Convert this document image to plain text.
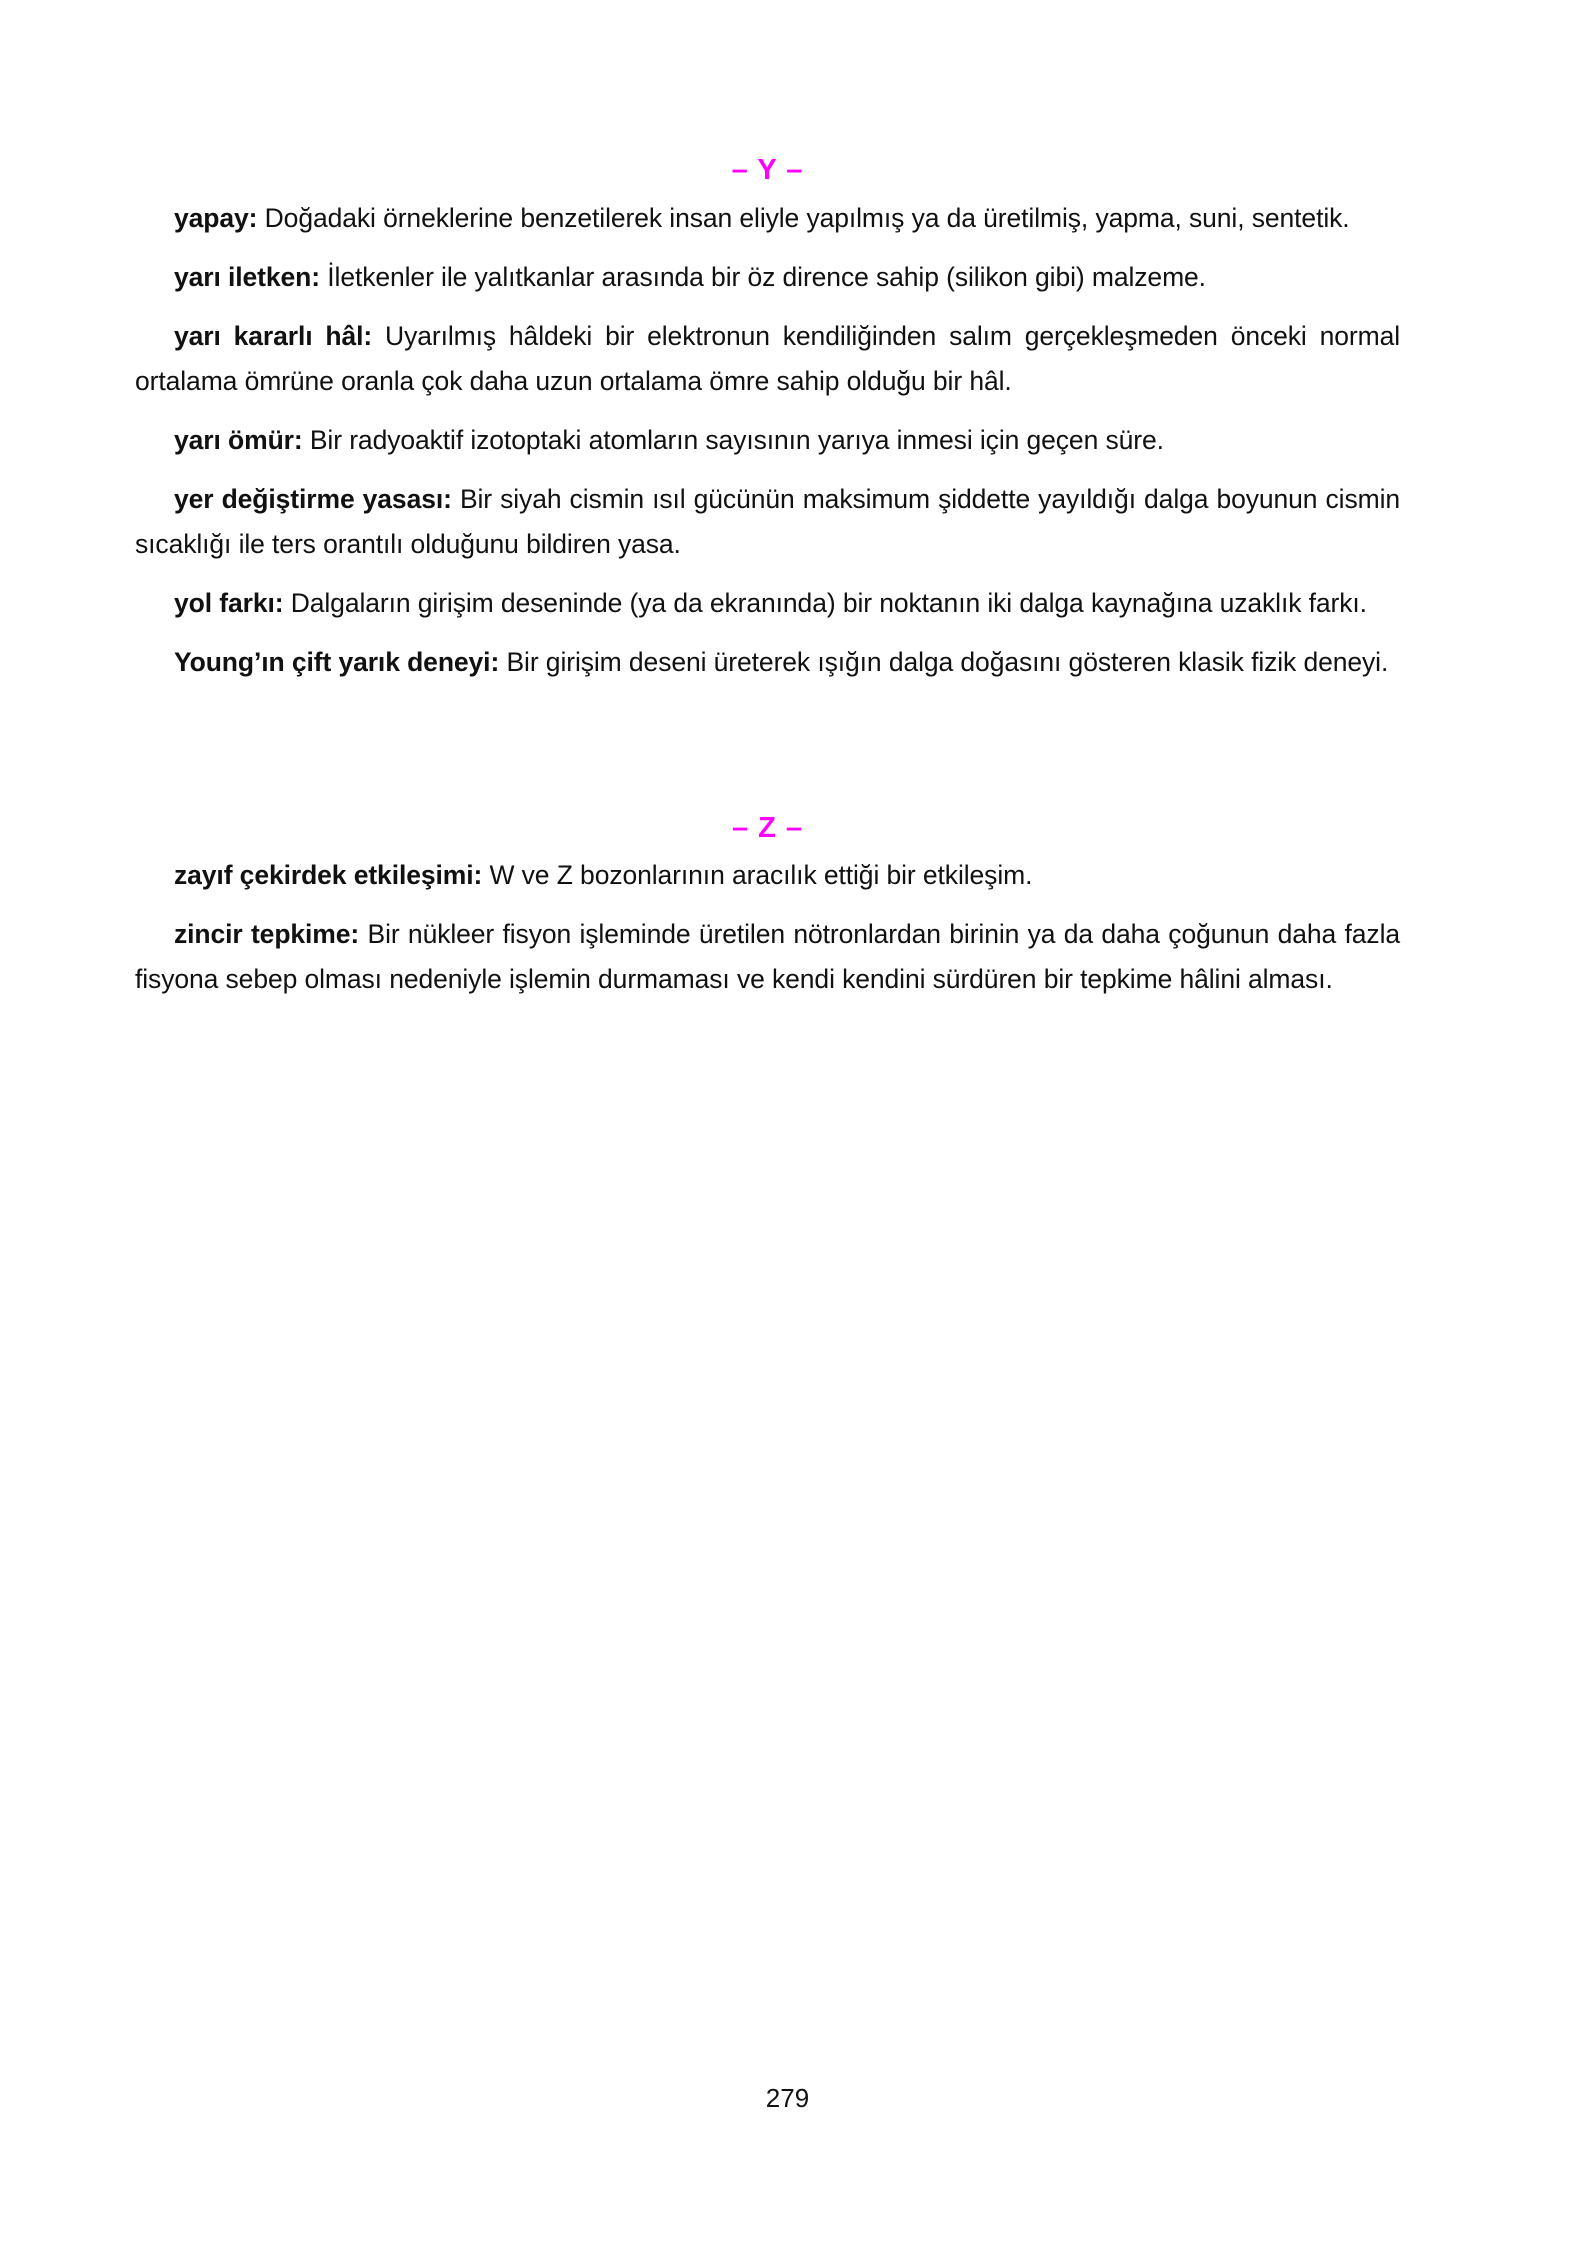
– Y –

yapay: Doğadaki örneklerine benzetilerek insan eliyle yapılmış ya da üretilmiş, yapma, suni, sentetik.

yarı iletken: İletkenler ile yalıtkanlar arasında bir öz dirence sahip (silikon gibi) malzeme.

yarı kararlı hâl: Uyarılmış hâldeki bir elektronun kendiliğinden salım gerçekleşmeden önceki normal ortalama ömrüne oranla çok daha uzun ortalama ömre sahip olduğu bir hâl.

yarı ömür: Bir radyoaktif izotoptaki atomların sayısının yarıya inmesi için geçen süre.

yer değiştirme yasası: Bir siyah cismin ısıl gücünün maksimum şiddette yayıldığı dalga boyunun cismin sıcaklığı ile ters orantılı olduğunu bildiren yasa.

yol farkı: Dalgaların girişim deseninde (ya da ekranında) bir noktanın iki dalga kaynağına uzaklık farkı.

Young’ın çift yarık deneyi: Bir girişim deseni üreterek ışığın dalga doğasını gösteren klasik fizik deneyi.

– Z –

zayıf çekirdek etkileşimi: W ve Z bozonlarının aracılık ettiği bir etkileşim.

zincir tepkime: Bir nükleer fisyon işleminde üretilen nötronlardan birinin ya da daha çoğunun daha fazla fisyona sebep olması nedeniyle işlemin durmaması ve kendi kendini sürdüren bir tepkime hâlini alması.

279
